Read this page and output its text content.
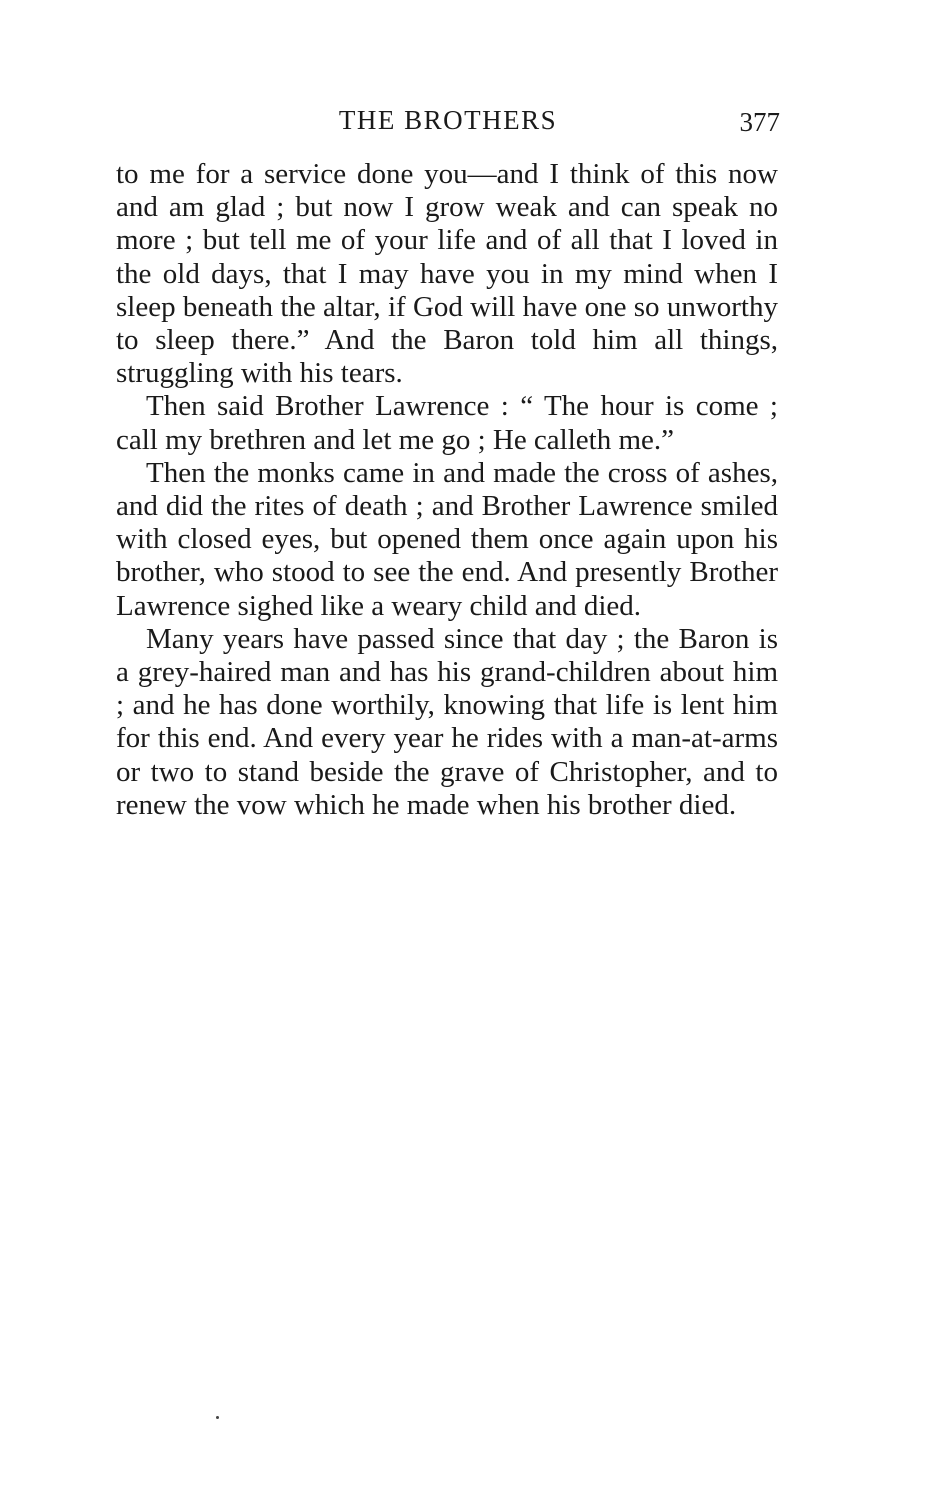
THE BROTHERS	377

to me for a service done you—and I think of this now and am glad ; but now I grow weak and can speak no more ; but tell me of your life and of all that I loved in the old days, that I may have you in my mind when I sleep beneath the altar, if God will have one so unworthy to sleep there.” And the Baron told him all things, struggling with his tears.

Then said Brother Lawrence : “ The hour is come ; call my brethren and let me go ; He calleth me.”

Then the monks came in and made the cross of ashes, and did the rites of death ; and Brother Lawrence smiled with closed eyes, but opened them once again upon his brother, who stood to see the end. And presently Brother Lawrence sighed like a weary child and died.

Many years have passed since that day ; the Baron is a grey-haired man and has his grand-children about him ; and he has done worthily, knowing that life is lent him for this end. And every year he rides with a man-at-arms or two to stand beside the grave of Christopher, and to renew the vow which he made when his brother died.
